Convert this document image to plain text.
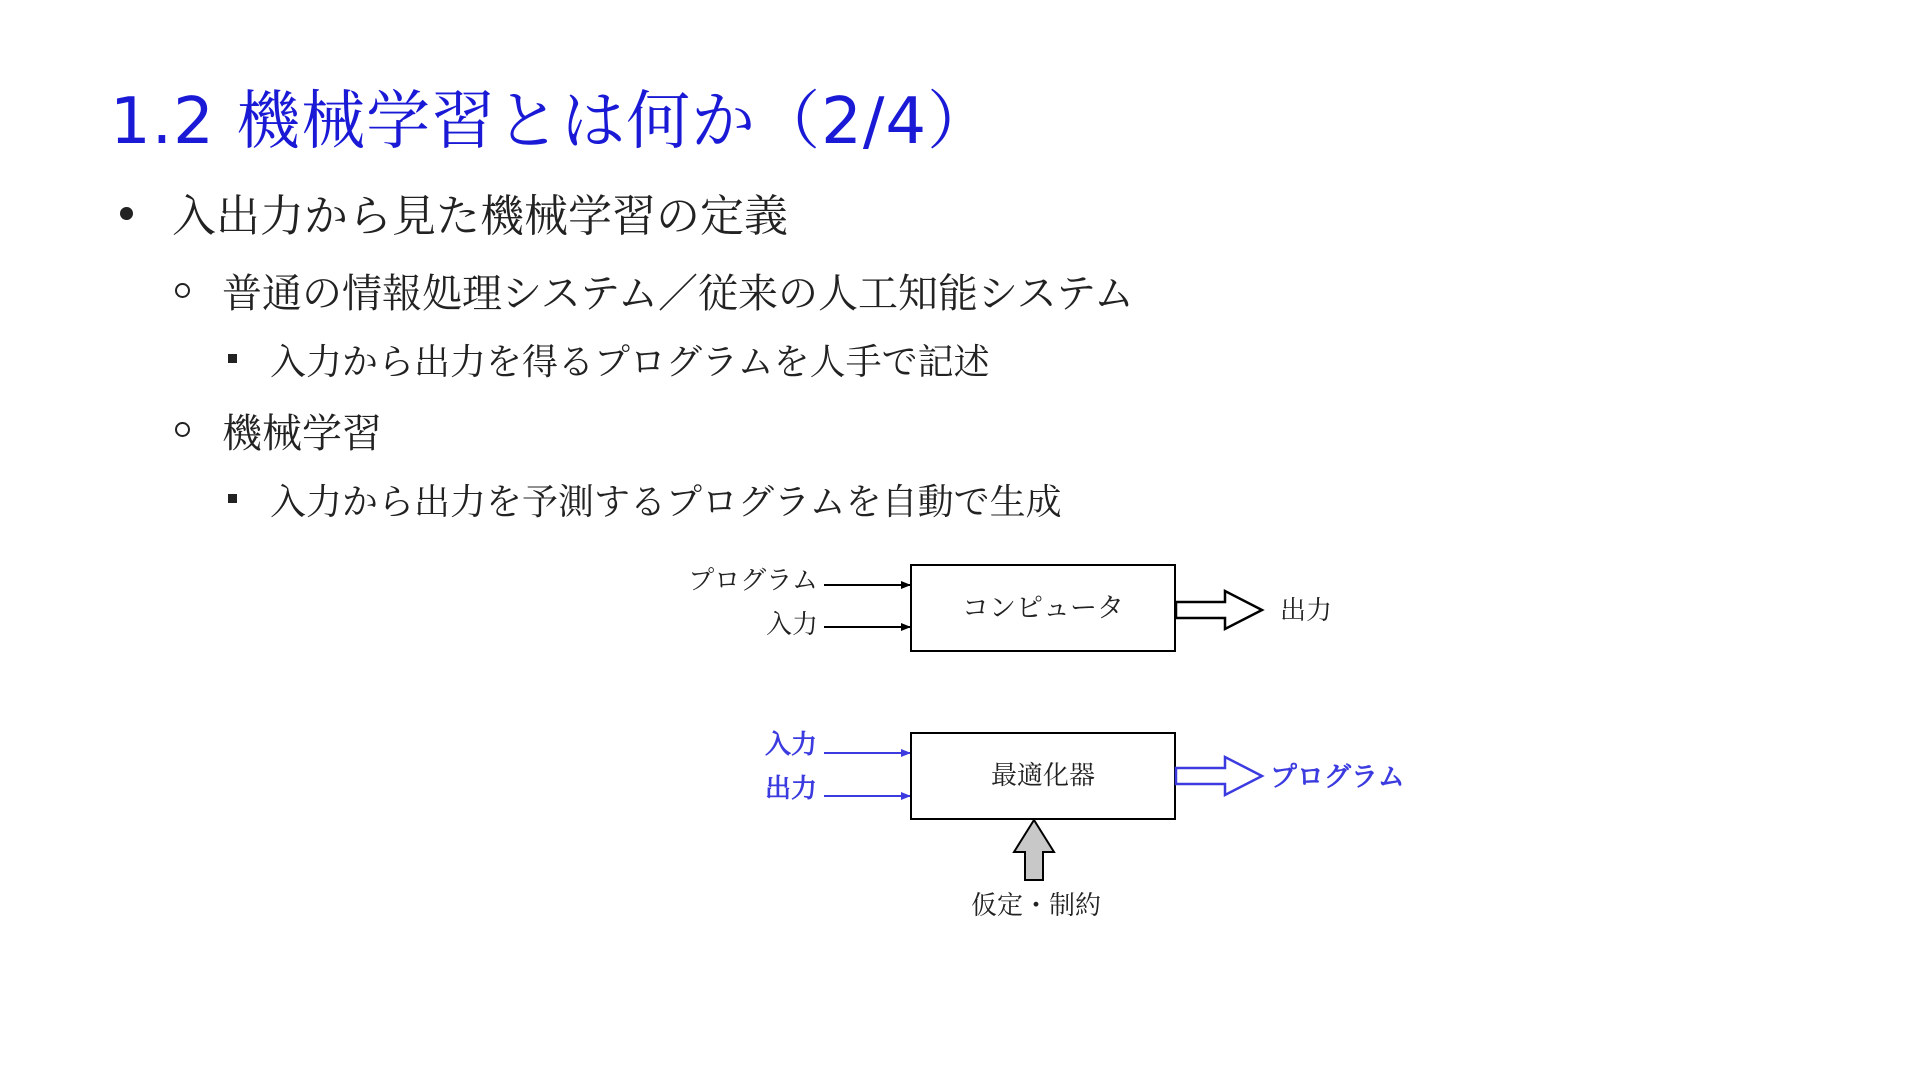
1.2 機械学習とは何か（2/4）
入出力から見た機械学習の定義
普通の情報処理システム／従来の人工知能システム
入力から出力を得るプログラムを人手で記述
機械学習
入力から出力を予測するプログラムを自動で生成
プログラム
入力
コンピュータ	出力
入力
出力	最適化器	プログラム
仮定・制約
